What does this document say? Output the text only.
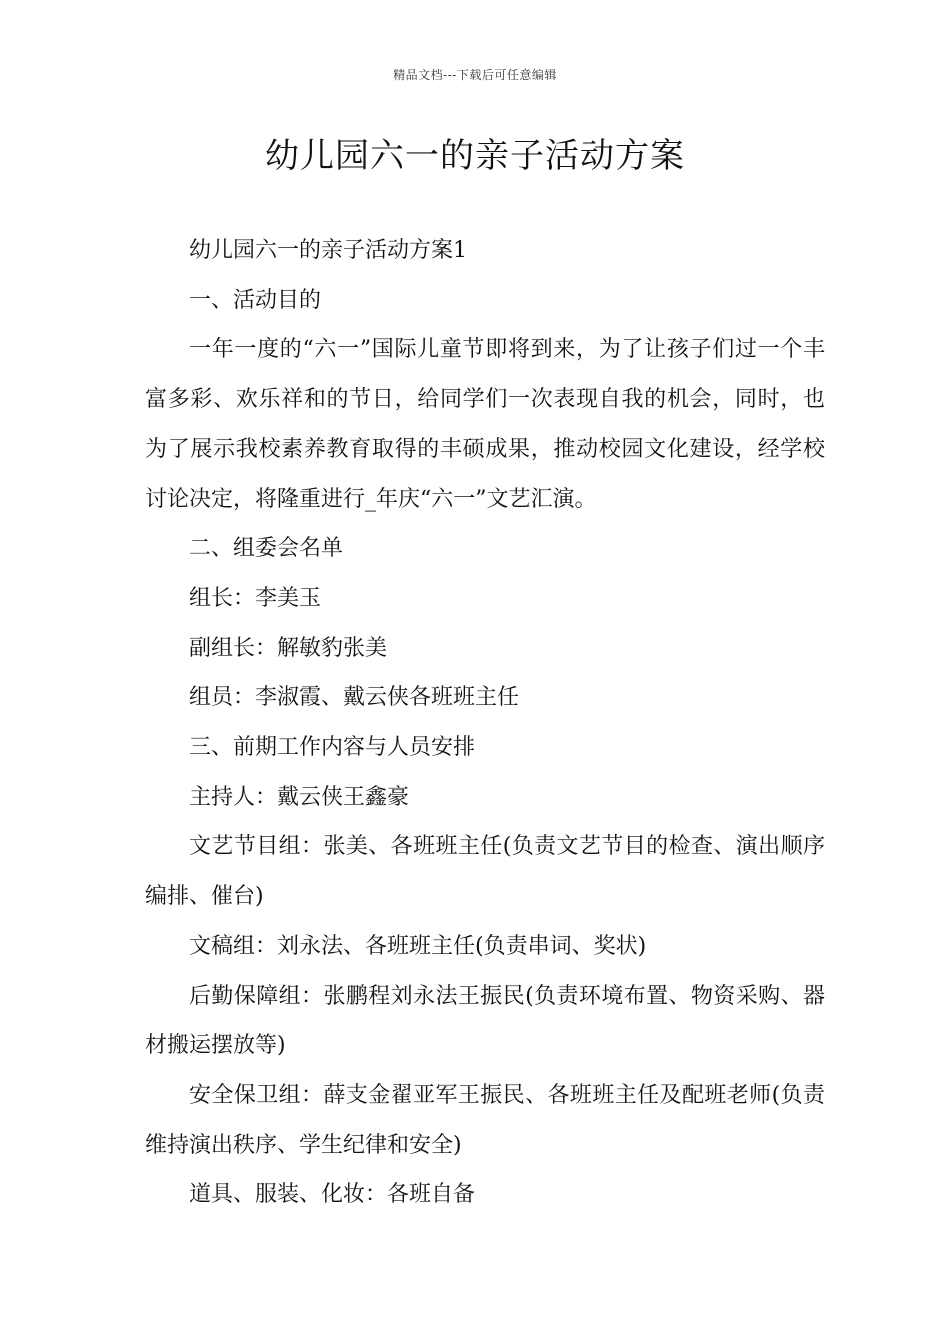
精品文档---下载后可任意编辑
幼儿园六一的亲子活动方案

幼儿园六一的亲子活动方案1

一、活动目的

一年一度的“六一”国际儿童节即将到来，为了让孩子们过一个丰富多彩、欢乐祥和的节日，给同学们一次表现自我的机会，同时，也为了展示我校素养教育取得的丰硕成果，推动校园文化建设，经学校讨论决定，将隆重进行_年庆“六一”文艺汇演。

二、组委会名单

组长：李美玉

副组长：解敏豹张美

组员：李淑霞、戴云侠各班班主任

三、前期工作内容与人员安排

主持人：戴云侠王鑫豪

文艺节目组：张美、各班班主任(负责文艺节目的检查、演出顺序编排、催台)

文稿组：刘永法、各班班主任(负责串词、奖状)

后勤保障组：张鹏程刘永法王振民(负责环境布置、物资采购、器材搬运摆放等)

安全保卫组：薛支金翟亚军王振民、各班班主任及配班老师(负责维持演出秩序、学生纪律和安全)

道具、服装、化妆：各班自备
